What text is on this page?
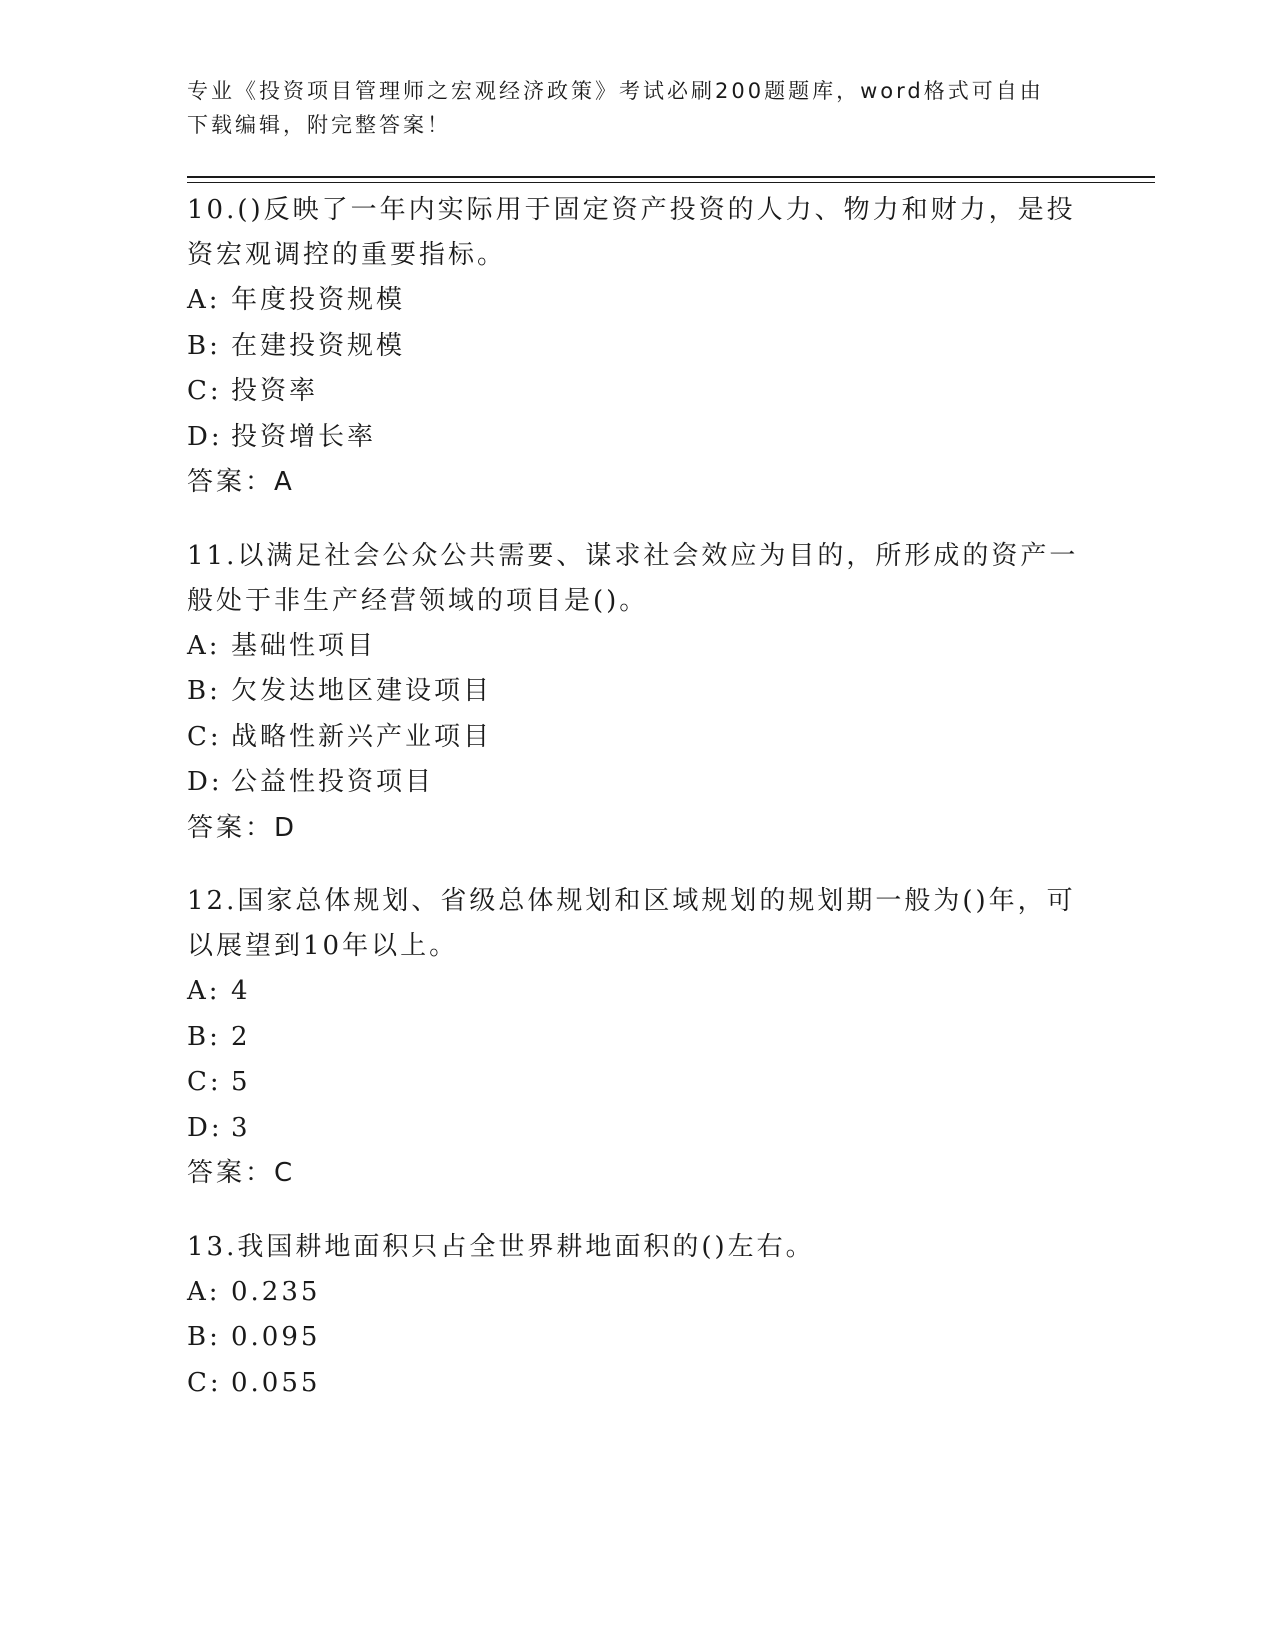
专业《投资项目管理师之宏观经济政策》考试必刷200题题库，word格式可自由
下载编辑，附完整答案！

10.()反映了一年内实际用于固定资产投资的人力、物力和财力，是投

资宏观调控的重要指标。

A: 年度投资规模

B: 在建投资规模

C: 投资率

D: 投资增长率

答案：A

11.以满足社会公众公共需要、谋求社会效应为目的，所形成的资产一

般处于非生产经营领域的项目是()。

A: 基础性项目

B: 欠发达地区建设项目

C: 战略性新兴产业项目

D: 公益性投资项目

答案：D

12.国家总体规划、省级总体规划和区域规划的规划期一般为()年，可

以展望到10年以上。

A: 4

B: 2

C: 5

D: 3

答案：C

13.我国耕地面积只占全世界耕地面积的()左右。

A: 0.235

B: 0.095

C: 0.055
